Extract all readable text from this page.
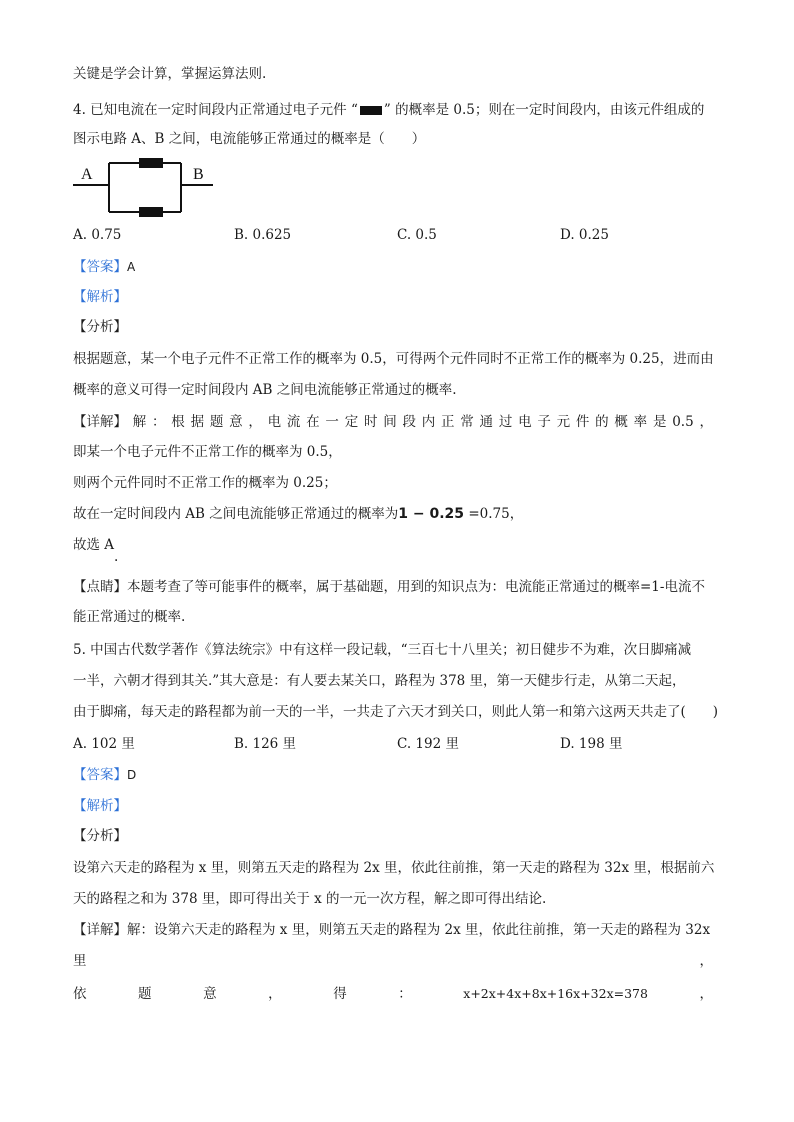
关键是学会计算，掌握运算法则.
4. 已知电流在一定时间段内正常通过电子元件 “ ” 的概率是 0.5；则在一定时间段内，由该元件组成的
图示电路 A、B 之间，电流能够正常通过的概率是（　　）
A	B
A. 0.75	B. 0.625	C. 0.5	D. 0.25
【答案】A
【解析】
【分析】
根据题意，某一个电子元件不正常工作的概率为 0.5，可得两个元件同时不正常工作的概率为 0.25，进而由
概率的意义可得一定时间段内 AB 之间电流能够正常通过的概率.
【详解】 解 ： 根 据 题 意 ， 电 流 在 一 定 时 间 段 内 正 常 通 过 电 子 元 件 的 概 率 是 0.5 ，
即某一个电子元件不正常工作的概率为 0.5，
则两个元件同时不正常工作的概率为 0.25；
故在一定时间段内 AB 之间电流能够正常通过的概率为1 − 0.25 =0.75，
故选 A.
【点睛】本题考查了等可能事件的概率，属于基础题，用到的知识点为：电流能正常通过的概率=1-电流不
能正常通过的概率.
5. 中国古代数学著作《算法统宗》中有这样一段记载，“三百七十八里关；初日健步不为难，次日脚痛减
一半，六朝才得到其关.”其大意是：有人要去某关口，路程为 378 里，第一天健步行走，从第二天起，
由于脚痛，每天走的路程都为前一天的一半，一共走了六天才到关口，则此人第一和第六这两天共走了(　　)
A. 102 里	B. 126 里	C. 192 里	D. 198 里
【答案】D
【解析】
【分析】
设第六天走的路程为 x 里，则第五天走的路程为 2x 里，依此往前推，第一天走的路程为 32x 里，根据前六
天的路程之和为 378 里，即可得出关于 x 的一元一次方程，解之即可得出结论.
【详解】解：设第六天走的路程为 x 里，则第五天走的路程为 2x 里，依此往前推，第一天走的路程为 32x
里	，
依	题	意	，	得	：	x+2x+4x+8x+16x+32x=378	，
